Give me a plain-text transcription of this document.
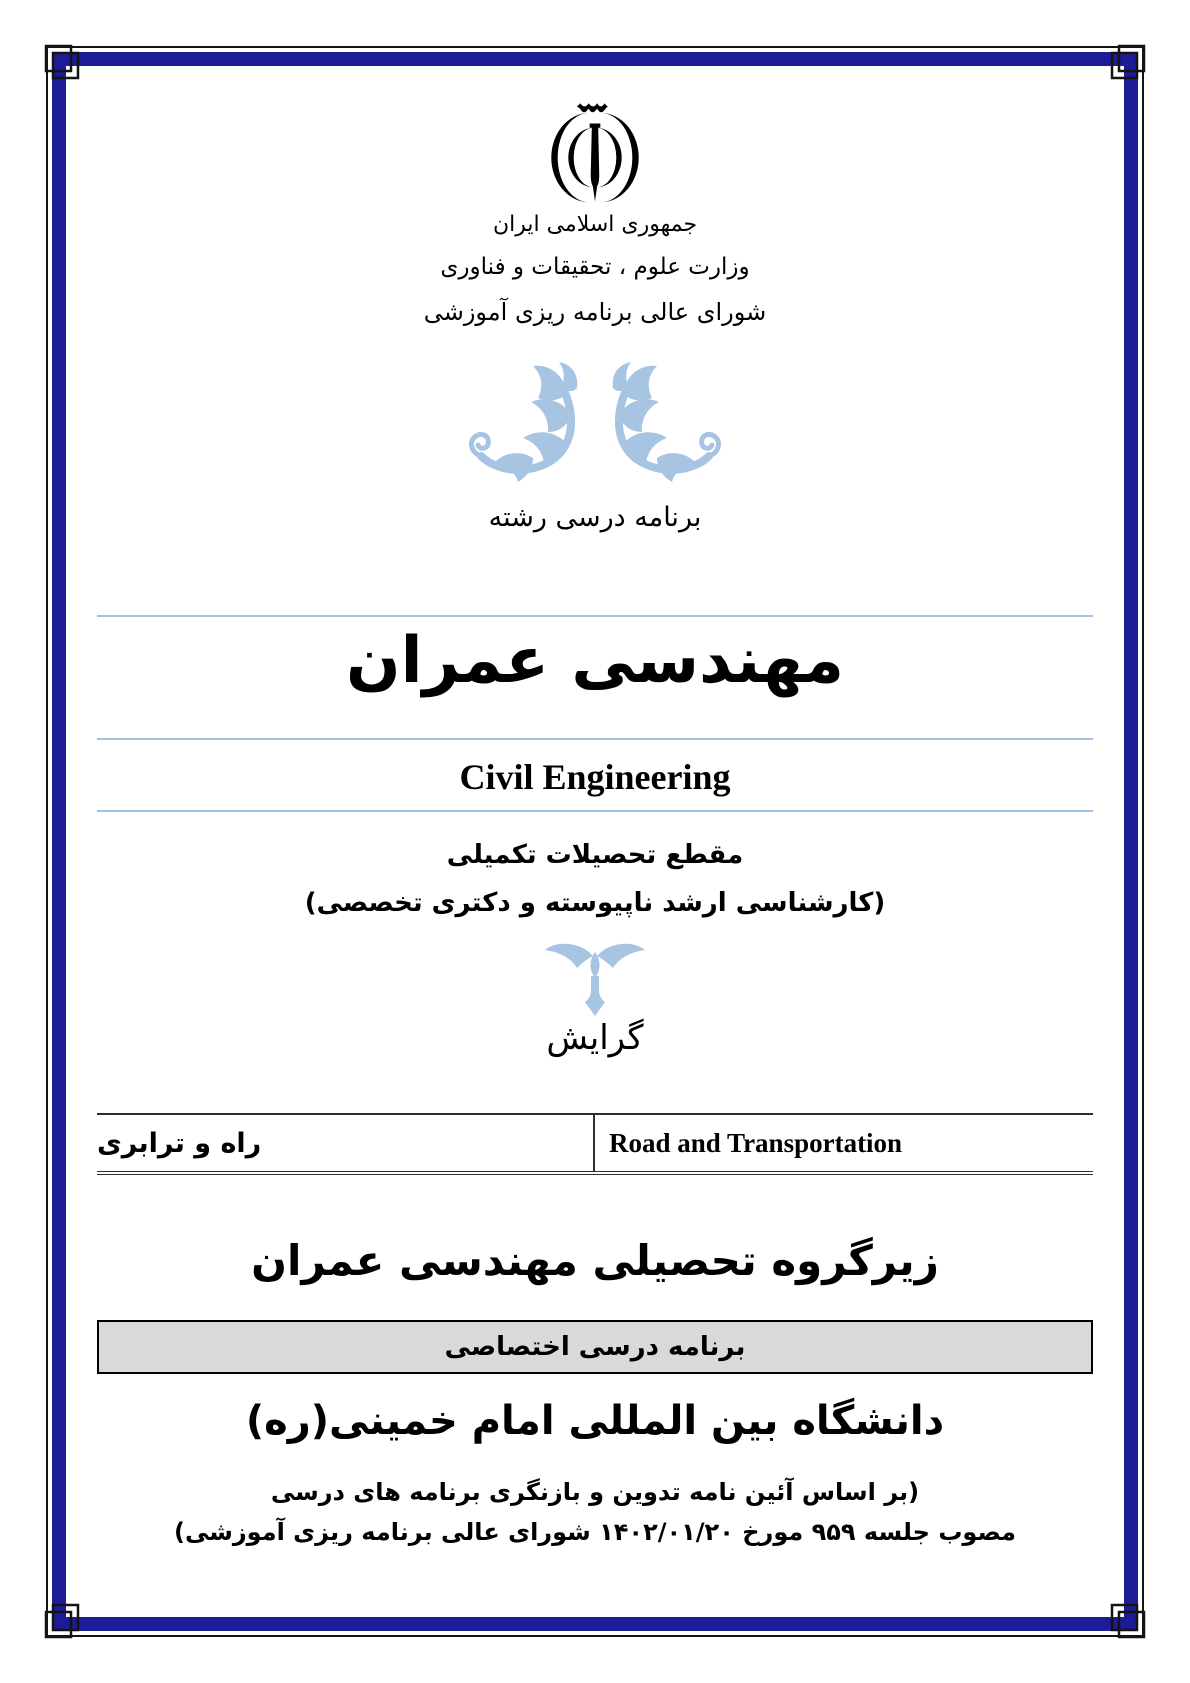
جمهوری اسلامی ایران
وزارت علوم ، تحقیقات و فناوری
شورای عالی برنامه ریزی آموزشی
برنامه درسی رشته
مهندسی عمران
Civil Engineering
مقطع تحصیلات تکمیلی
(کارشناسی ارشد ناپیوسته و دکتری تخصصی)
گرایش
راه و ترابری	Road and Transportation
زیرگروه تحصیلی مهندسی عمران
برنامه درسی اختصاصی
دانشگاه بین المللی امام خمینی(ره)
(بر اساس آئین نامه تدوین و بازنگری برنامه های درسی
مصوب جلسه ۹۵۹ مورخ ۱۴۰۲/۰۱/۲۰ شورای عالی برنامه ریزی آموزشی)
